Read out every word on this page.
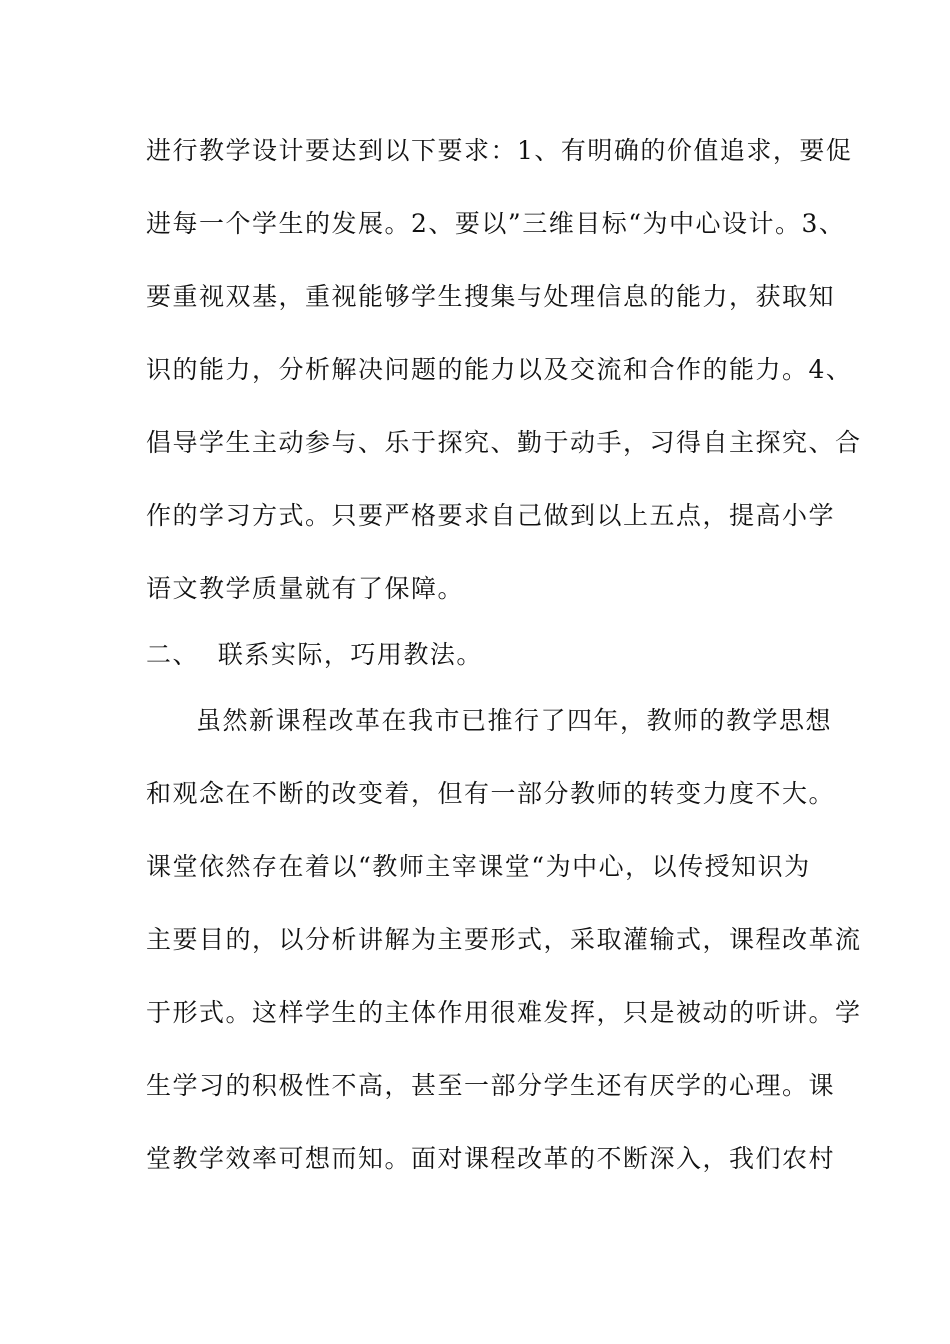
进行教学设计要达到以下要求：1、有明确的价值追求，要促
进每一个学生的发展。2、要以”三维目标“为中心设计。3、
要重视双基，重视能够学生搜集与处理信息的能力，获取知
识的能力，分析解决问题的能力以及交流和合作的能力。4、
倡导学生主动参与、乐于探究、勤于动手，习得自主探究、合
作的学习方式。只要严格要求自己做到以上五点，提高小学
语文教学质量就有了保障。
二、  联系实际，巧用教法。
虽然新课程改革在我市已推行了四年，教师的教学思想
和观念在不断的改变着，但有一部分教师的转变力度不大。
课堂依然存在着以“教师主宰课堂“为中心，以传授知识为
主要目的，以分析讲解为主要形式，采取灌输式，课程改革流
于形式。这样学生的主体作用很难发挥，只是被动的听讲。学
生学习的积极性不高，甚至一部分学生还有厌学的心理。课
堂教学效率可想而知。面对课程改革的不断深入，我们农村
